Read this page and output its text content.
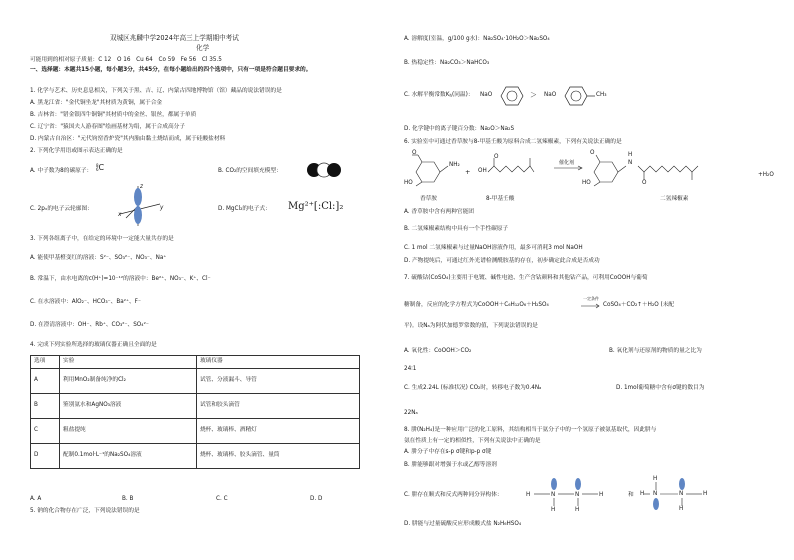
双城区兆麟中学2024年高三上学期期中考试
化学
可能用到的相对原子质量：C 12　O 16　Cu 64　Co 59　Fe 56　Cl 35.5
一、选择题：本题共15小题，每小题3分，共45分，在每小题给出的四个选项中，只有一项是符合题目要求的。
1. 化学与艺术、历史息息相关，下列关于黑、吉、辽、内蒙古四地博物馆（馆）藏品的说法错误的是
A. 黑龙江省："金代铜坐龙"其材质为黄铜，属于合金
B. 吉林省："错金银四牛铜铜"其材质中的金丝、银丝，都属于单质
C. 辽宁省："猿国夫人游春图"绘画基材为绢，属于合成高分子
D. 内蒙古自治区："元代钧窑香炉瓷"其内胎由黏土烧结而成，属于硅酸盐材料
2. 下列化学用语或图示表达正确的是
A. 中子数为8的碳原子：
8
6C	B. CO₂的空间填充模型：
C. 2pₓ的电子云轮廓图：
z
x
y	D. MgCl₂的电子式： Mg²⁺[:Cl:]₂
3. 下列各组离子中，在给定的环境中一定能大量共存的是
A. 能使甲基橙变红的溶液：S²⁻、SO₃²⁻、NO₃⁻、Na⁺
B. 常温下，由水电离的c(H⁺)=10⁻¹²的溶液中：Be²⁺、NO₃⁻、K⁺、Cl⁻
C. 在水溶液中：AlO₂⁻、HCO₃⁻、Ba²⁺、F⁻
D. 在澄清溶液中：OH⁻、Rb⁺、CO₃²⁻、SO₄²⁻
4. 完成下列实验所选择的玻璃仪器正确且全面的是
选项	实验	玻璃仪器
A	利用MnO₂制备纯净的Cl₂	试管、分液漏斗、导管
B	鉴别氨水和AgNO₃溶液	试管和胶头滴管
C	粗盐提纯	烧杯、玻璃棒、酒精灯
D	配制0.1mol·L⁻¹的Na₂SO₄溶液	烧杯、玻璃棒、胶头滴管、量筒
A. A	B. B	C. C	D. D
5. 钠的化合物存在广泛，下列说法错误的是
A. 溶解度(室温，g/100 g水)：Na₂SO₄·10H₂O＞Na₂SO₄
B. 热稳定性：Na₂CO₃＞NaHCO₃
C. 水解平衡常数$K_h$(同温)： NaO	＞ NaO	CH₃
D. 化学键中的离子键百分数：Na₂O＞Na₂S
6. 实验室中可通过香草胺与8-甲基壬酸为原料合成二氢辣椒素，下列有关说法正确的是
HO
O
NH₂
+
O
OH
催化剂
HO
O
N
H
O
+H₂O
香草胺	8-甲基壬酸	二氢辣椒素
A. 香草胺中含有两种官能团
B. 二氢辣椒素结构中具有一个手性碳原子
C. 1 mol 二氢辣椒素与过量NaOH溶液作用，最多可消耗3 mol NaOH
D. 产物提纯后，可通过红外光谱检测酰胺基的存在，初步确定此合成是否成功
7. 硫酸钴(CoSO₄)主要用于电镀、碱性电池、生产含钴颜料和其他钴产品，可利用CoOOH与葡萄
糖制备，反应的化学方程式为CoOOH＋C₆H₁₂O₆＋H₂SO₄
一定条件
→ CoSO₄＋CO₂↑＋H₂O (未配
平)。设Nₐ为阿伏加德罗常数的值，下列说法错误的是
A. 氧化性：CoOOH＞CO₂	B. 氧化剂与还原剂的物质的量之比为
24∶1
C. 生成2.24L (标准状况) CO₂时，转移电子数为0.4Nₐ	D. 1mol葡萄糖中含有σ键的数目为
22Nₐ
8. 肼(N₂H₄)是一种应用广泛的化工原料，其结构相当于氨分子中的一个氢原子被氨基取代，因此肼与
氨在性质上有一定的相似性，下列有关说法中正确的是
A. 肼分子中存在s-p σ键和p-p σ键
B. 肼能够跟对增强于水或乙醇等溶剂
C. 肼存在顺式和反式两种同分异构体：	H	N	N	H
H	H
和
H
H N	N	H
H
D. 肼能与过量硫酸反应形成酸式盐 N₂H₆HSO₄
